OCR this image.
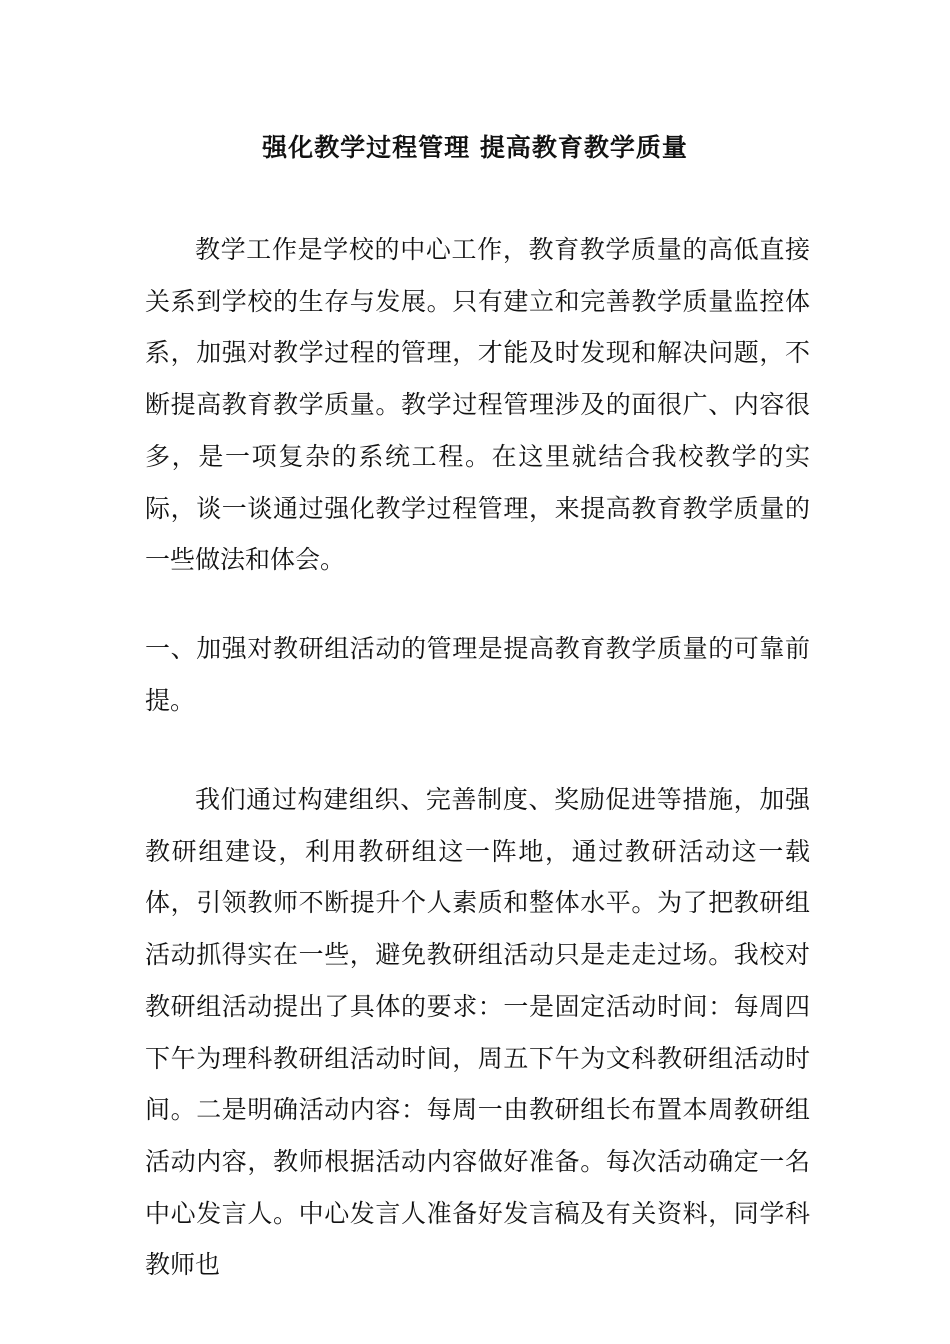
强化教学过程管理 提高教育教学质量

教学工作是学校的中心工作，教育教学质量的高低直接关系到学校的生存与发展。只有建立和完善教学质量监控体系，加强对教学过程的管理，才能及时发现和解决问题，不断提高教育教学质量。教学过程管理涉及的面很广、内容很多，是一项复杂的系统工程。在这里就结合我校教学的实际，谈一谈通过强化教学过程管理，来提高教育教学质量的一些做法和体会。

一、加强对教研组活动的管理是提高教育教学质量的可靠前提。

我们通过构建组织、完善制度、奖励促进等措施，加强教研组建设，利用教研组这一阵地，通过教研活动这一载体，引领教师不断提升个人素质和整体水平。为了把教研组活动抓得实在一些，避免教研组活动只是走走过场。我校对教研组活动提出了具体的要求：一是固定活动时间：每周四下午为理科教研组活动时间，周五下午为文科教研组活动时间。二是明确活动内容：每周一由教研组长布置本周教研组活动内容，教师根据活动内容做好准备。每次活动确定一名中心发言人。中心发言人准备好发言稿及有关资料，同学科教师也
